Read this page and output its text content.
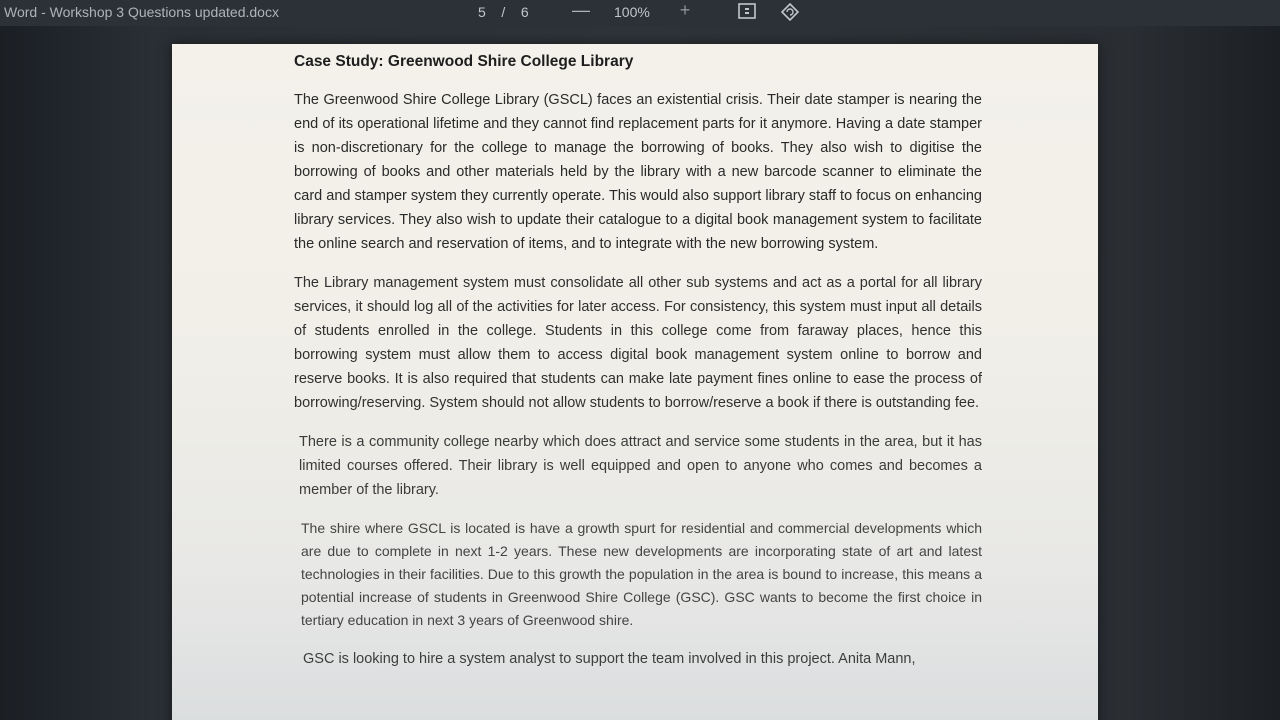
Word - Workshop 3 Questions updated.docx	5 / 6 — 100% +
Case Study: Greenwood Shire College Library

The Greenwood Shire College Library (GSCL) faces an existential crisis. Their date stamper is nearing the end of its operational lifetime and they cannot find replacement parts for it anymore. Having a date stamper is non-discretionary for the college to manage the borrowing of books. They also wish to digitise the borrowing of books and other materials held by the library with a new barcode scanner to eliminate the card and stamper system they currently operate. This would also support library staff to focus on enhancing library services. They also wish to update their catalogue to a digital book management system to facilitate the online search and reservation of items, and to integrate with the new borrowing system.

The Library management system must consolidate all other sub systems and act as a portal for all library services, it should log all of the activities for later access. For consistency, this system must input all details of students enrolled in the college. Students in this college come from faraway places, hence this borrowing system must allow them to access digital book management system online to borrow and reserve books. It is also required that students can make late payment fines online to ease the process of borrowing/reserving. System should not allow students to borrow/reserve a book if there is outstanding fee.

There is a community college nearby which does attract and service some students in the area, but it has limited courses offered. Their library is well equipped and open to anyone who comes and becomes a member of the library.

The shire where GSCL is located is have a growth spurt for residential and commercial developments which are due to complete in next 1-2 years. These new developments are incorporating state of art and latest technologies in their facilities. Due to this growth the population in the area is bound to increase, this means a potential increase of students in Greenwood Shire College (GSC). GSC wants to become the first choice in tertiary education in next 3 years of Greenwood shire.

GSC is looking to hire a system analyst to support the team involved in this project. Anita Mann,
